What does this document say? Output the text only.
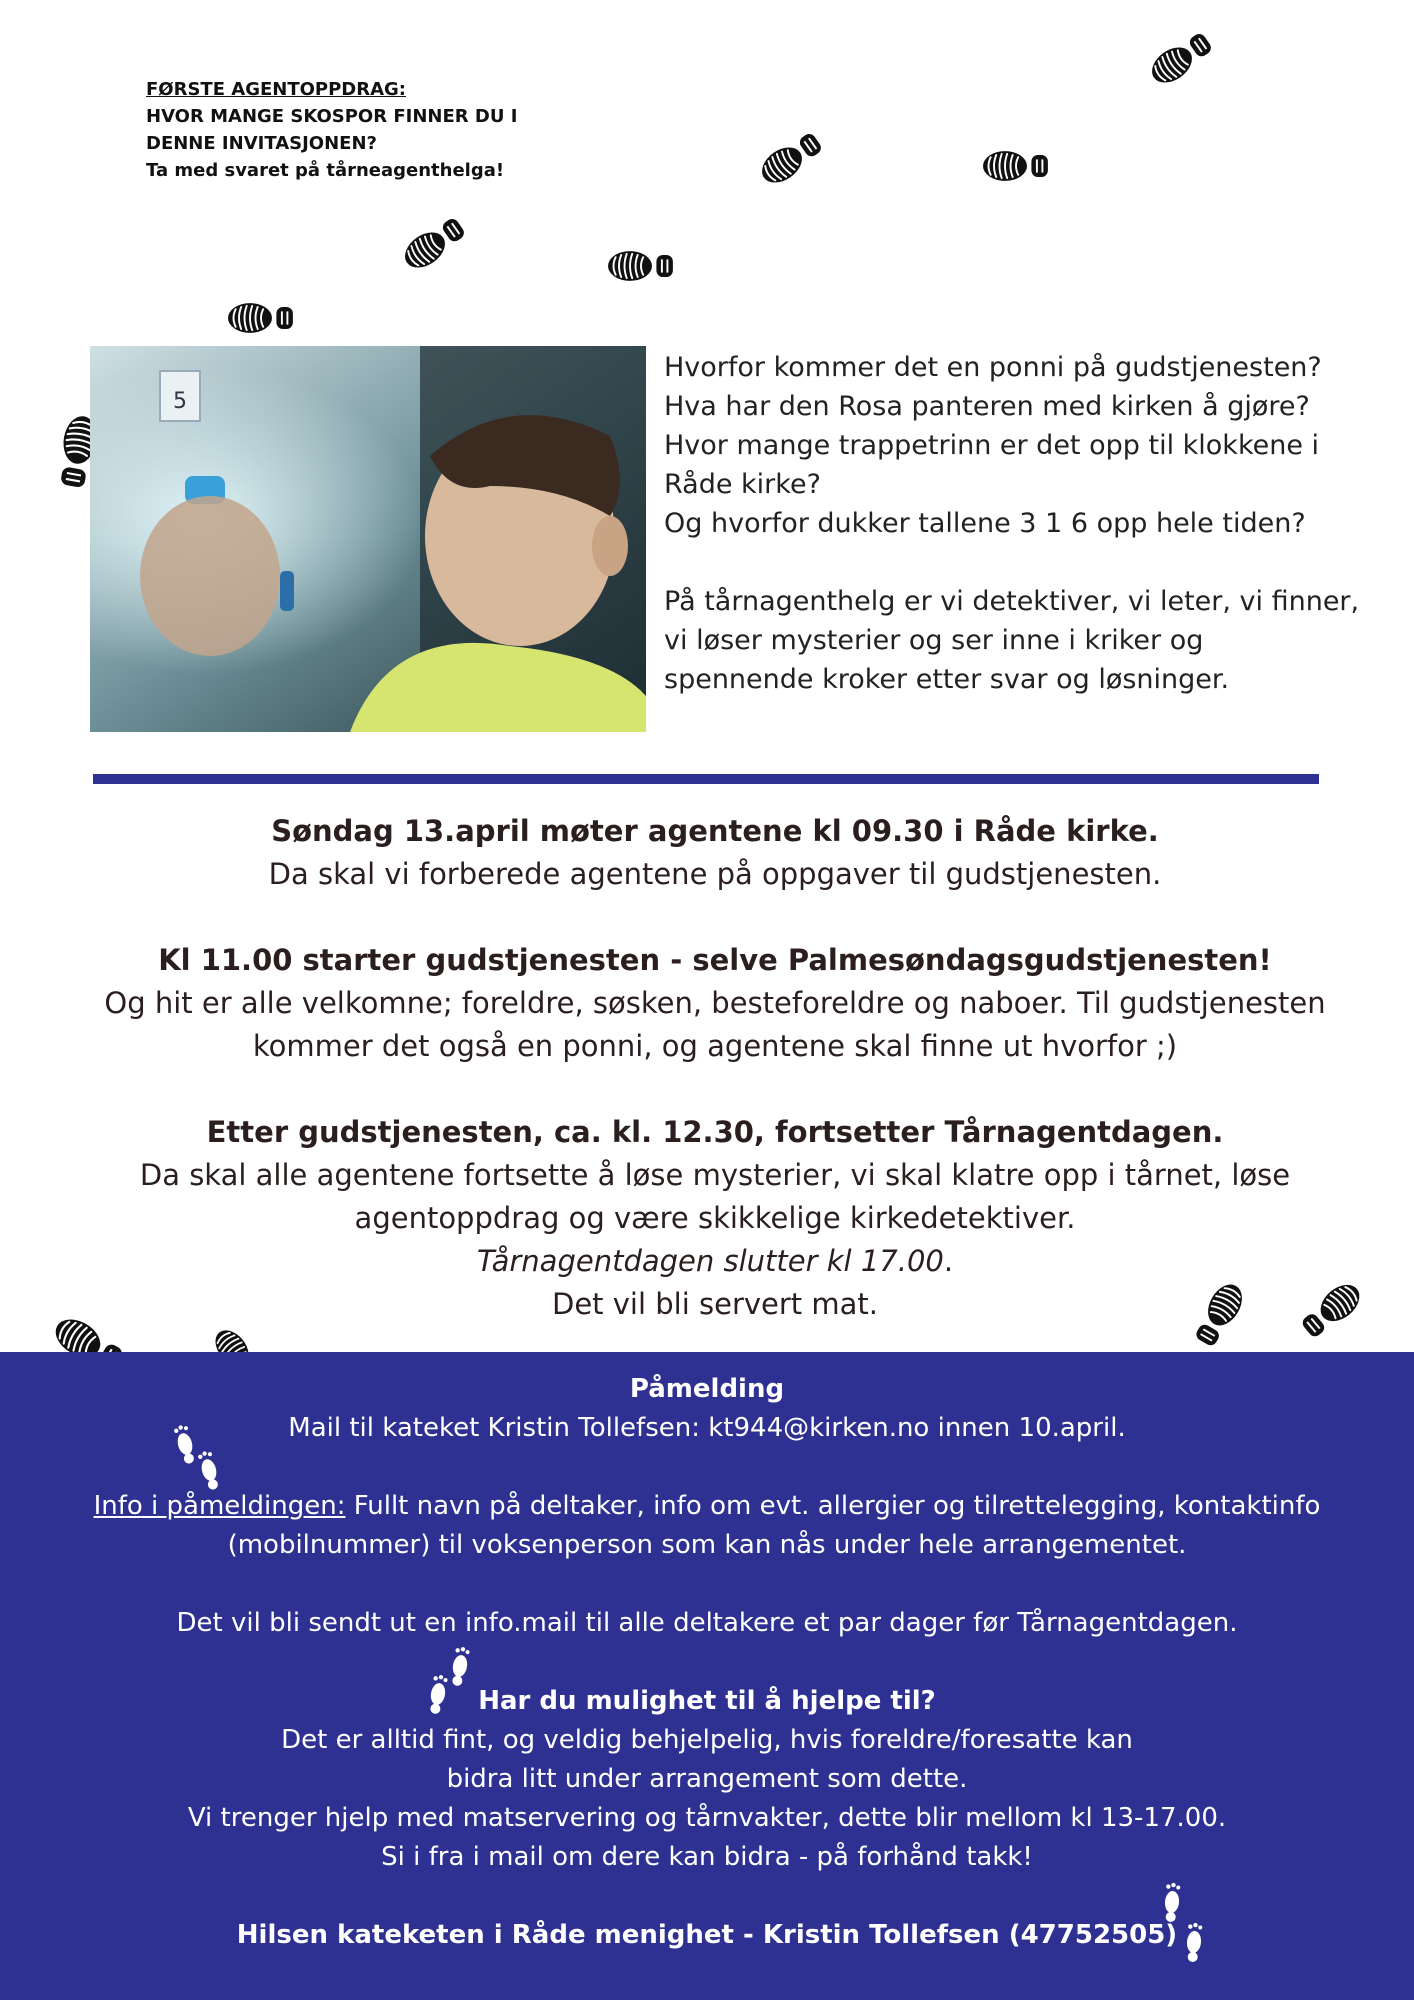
FØRSTE AGENTOPPDRAG:
HVOR MANGE SKOSPOR FINNER DU I
DENNE INVITASJONEN?
Ta med svaret på tårneagenthelga!
5
Hvorfor kommer det en ponni på gudstjenesten?
Hva har den Rosa panteren med kirken å gjøre?
Hvor mange trappetrinn er det opp til klokkene i
Råde kirke?
Og hvorfor dukker tallene 3 1 6 opp hele tiden?
På tårnagenthelg er vi detektiver, vi leter, vi finner,
vi løser mysterier og ser inne i kriker og
spennende kroker etter svar og løsninger.
Søndag 13.april møter agentene kl 09.30 i Råde kirke.
Da skal vi forberede agentene på oppgaver til gudstjenesten.
Kl 11.00 starter gudstjenesten - selve Palmesøndagsgudstjenesten!
Og hit er alle velkomne; foreldre, søsken, besteforeldre og naboer. Til gudstjenesten
kommer det også en ponni, og agentene skal finne ut hvorfor ;)
Etter gudstjenesten, ca. kl. 12.30, fortsetter Tårnagentdagen.
Da skal alle agentene fortsette å løse mysterier, vi skal klatre opp i tårnet, løse
agentoppdrag og være skikkelige kirkedetektiver.
Tårnagentdagen slutter kl 17.00.
Det vil bli servert mat.
Påmelding
Mail til kateket Kristin Tollefsen: kt944@kirken.no innen 10.april.
Info i påmeldingen: Fullt navn på deltaker, info om evt. allergier og tilrettelegging, kontaktinfo
(mobilnummer) til voksenperson som kan nås under hele arrangementet.
Det vil bli sendt ut en info.mail til alle deltakere et par dager før Tårnagentdagen.
Har du mulighet til å hjelpe til?
Det er alltid fint, og veldig behjelpelig, hvis foreldre/foresatte kan
bidra litt under arrangement som dette.
Vi trenger hjelp med matservering og tårnvakter, dette blir mellom kl 13-17.00.
Si i fra i mail om dere kan bidra - på forhånd takk!
Hilsen kateketen i Råde menighet - Kristin Tollefsen (47752505)
